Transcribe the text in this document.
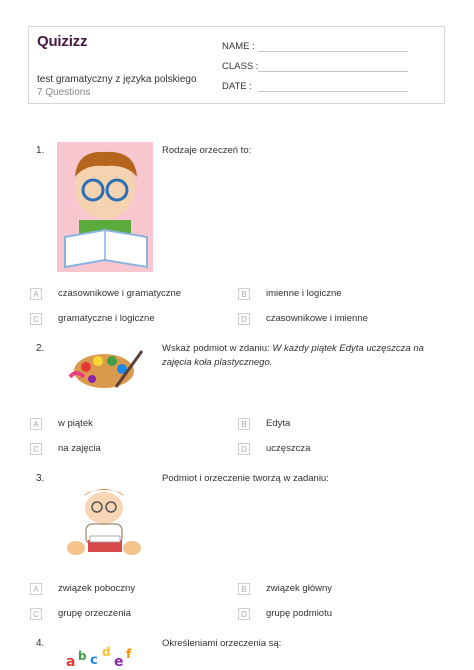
Quizizz
test gramatyczny z języka polskiego
7 Questions
NAME :
CLASS :
DATE :
1.	Rodzaje orzeczeń to:
A	czasownikowe i gramatyczne	B	imienne i logiczne
C	gramatyczne i logiczne	D	czasownikowe i imienne
2.	Wskaż podmiot w zdaniu: W każdy piątek Edyta uczęszcza na
zajęcia koła plastycznego.
A	w piątek	B	Edyta
C	na zajęcia	D	uczęszcza
3.	Podmiot i orzeczenie tworzą w zadaniu:
A	związek poboczny	B	związek główny
C	grupę orzeczenia	D	grupę podmiotu
4.
a b c
d
e f
Określeniami orzeczenia są:
